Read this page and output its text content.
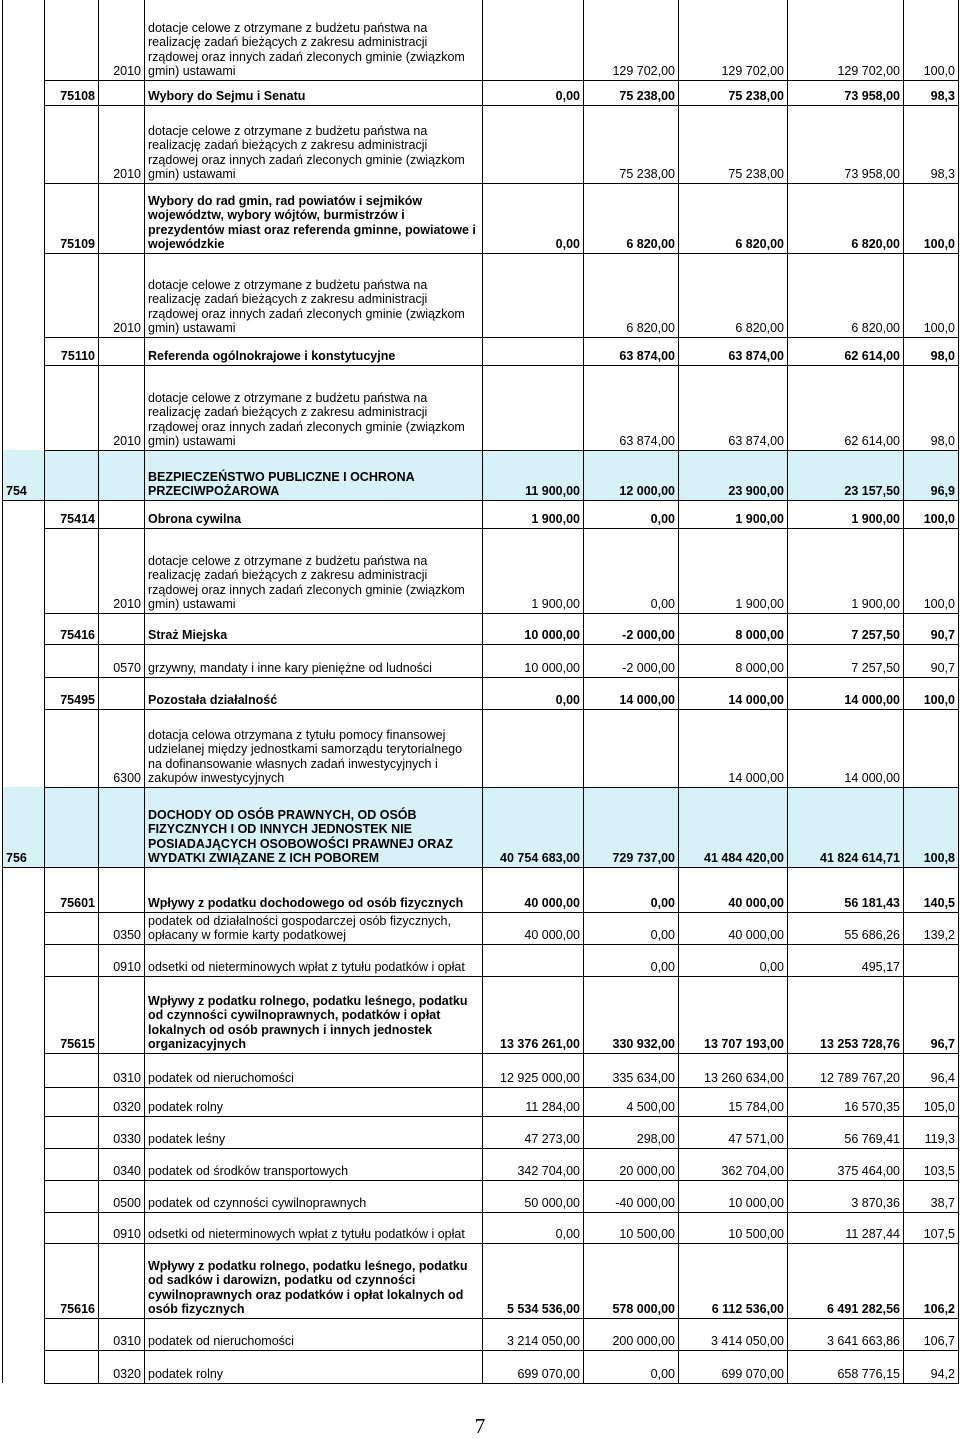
		2010	dotacje celowe z otrzymane z budżetu państwa na realizację zadań bieżących z zakresu administracji rządowej oraz innych zadań zleconych gminie (związkom gmin) ustawami		129 702,00	129 702,00	129 702,00	100,0
	75108		Wybory do Sejmu i Senatu	0,00	75 238,00	75 238,00	73 958,00	98,3
		2010	dotacje celowe z otrzymane z budżetu państwa na realizację zadań bieżących z zakresu administracji rządowej oraz innych zadań zleconych gminie (związkom gmin) ustawami		75 238,00	75 238,00	73 958,00	98,3
	75109		Wybory do rad gmin, rad powiatów i sejmików województw, wybory wójtów, burmistrzów i prezydentów miast oraz referenda gminne, powiatowe i wojewódzkie	0,00	6 820,00	6 820,00	6 820,00	100,0
		2010	dotacje celowe z otrzymane z budżetu państwa na realizację zadań bieżących z zakresu administracji rządowej oraz innych zadań zleconych gminie (związkom gmin) ustawami		6 820,00	6 820,00	6 820,00	100,0
	75110		Referenda ogólnokrajowe i konstytucyjne		63 874,00	63 874,00	62 614,00	98,0
		2010	dotacje celowe z otrzymane z budżetu państwa na realizację zadań bieżących z zakresu administracji rządowej oraz innych zadań zleconych gminie (związkom gmin) ustawami		63 874,00	63 874,00	62 614,00	98,0
754			BEZPIECZEŃSTWO PUBLICZNE I OCHRONA PRZECIWPOŻAROWA	11 900,00	12 000,00	23 900,00	23 157,50	96,9
	75414		Obrona cywilna	1 900,00	0,00	1 900,00	1 900,00	100,0
		2010	dotacje celowe z otrzymane z budżetu państwa na realizację zadań bieżących z zakresu administracji rządowej oraz innych zadań zleconych gminie (związkom gmin) ustawami	1 900,00	0,00	1 900,00	1 900,00	100,0
	75416		Straż Miejska	10 000,00	-2 000,00	8 000,00	7 257,50	90,7
		0570	grzywny, mandaty i inne kary pieniężne od ludności	10 000,00	-2 000,00	8 000,00	7 257,50	90,7
	75495		Pozostała działalność	0,00	14 000,00	14 000,00	14 000,00	100,0
		6300	dotacja celowa otrzymana z tytułu pomocy finansowej udzielanej między jednostkami samorządu terytorialnego na dofinansowanie własnych zadań inwestycyjnych i zakupów inwestycyjnych			14 000,00	14 000,00	
756			DOCHODY OD OSÓB PRAWNYCH, OD OSÓB FIZYCZNYCH I OD INNYCH JEDNOSTEK NIE POSIADAJĄCYCH OSOBOWOŚCI PRAWNEJ ORAZ WYDATKI ZWIĄZANE Z ICH POBOREM	40 754 683,00	729 737,00	41 484 420,00	41 824 614,71	100,8
	75601		Wpływy z podatku dochodowego od osób fizycznych	40 000,00	0,00	40 000,00	56 181,43	140,5
		0350	podatek od działalności gospodarczej osób fizycznych, opłacany w formie karty podatkowej	40 000,00	0,00	40 000,00	55 686,26	139,2
		0910	odsetki od nieterminowych wpłat z tytułu podatków i opłat		0,00	0,00	495,17	
	75615		Wpływy z podatku rolnego, podatku leśnego, podatku od czynności cywilnoprawnych, podatków i opłat lokalnych od osób prawnych i innych jednostek organizacyjnych	13 376 261,00	330 932,00	13 707 193,00	13 253 728,76	96,7
		0310	podatek od nieruchomości	12 925 000,00	335 634,00	13 260 634,00	12 789 767,20	96,4
		0320	podatek rolny	11 284,00	4 500,00	15 784,00	16 570,35	105,0
		0330	podatek leśny	47 273,00	298,00	47 571,00	56 769,41	119,3
		0340	podatek od środków transportowych	342 704,00	20 000,00	362 704,00	375 464,00	103,5
		0500	podatek od czynności cywilnoprawnych	50 000,00	-40 000,00	10 000,00	3 870,36	38,7
		0910	odsetki od nieterminowych wpłat z tytułu podatków i opłat	0,00	10 500,00	10 500,00	11 287,44	107,5
	75616		Wpływy z podatku rolnego, podatku leśnego, podatku od sadków i darowizn, podatku od czynności cywilnoprawnych oraz podatków i opłat lokalnych od osób fizycznych	5 534 536,00	578 000,00	6 112 536,00	6 491 282,56	106,2
		0310	podatek od nieruchomości	3 214 050,00	200 000,00	3 414 050,00	3 641 663,86	106,7
		0320	podatek rolny	699 070,00	0,00	699 070,00	658 776,15	94,2
7
